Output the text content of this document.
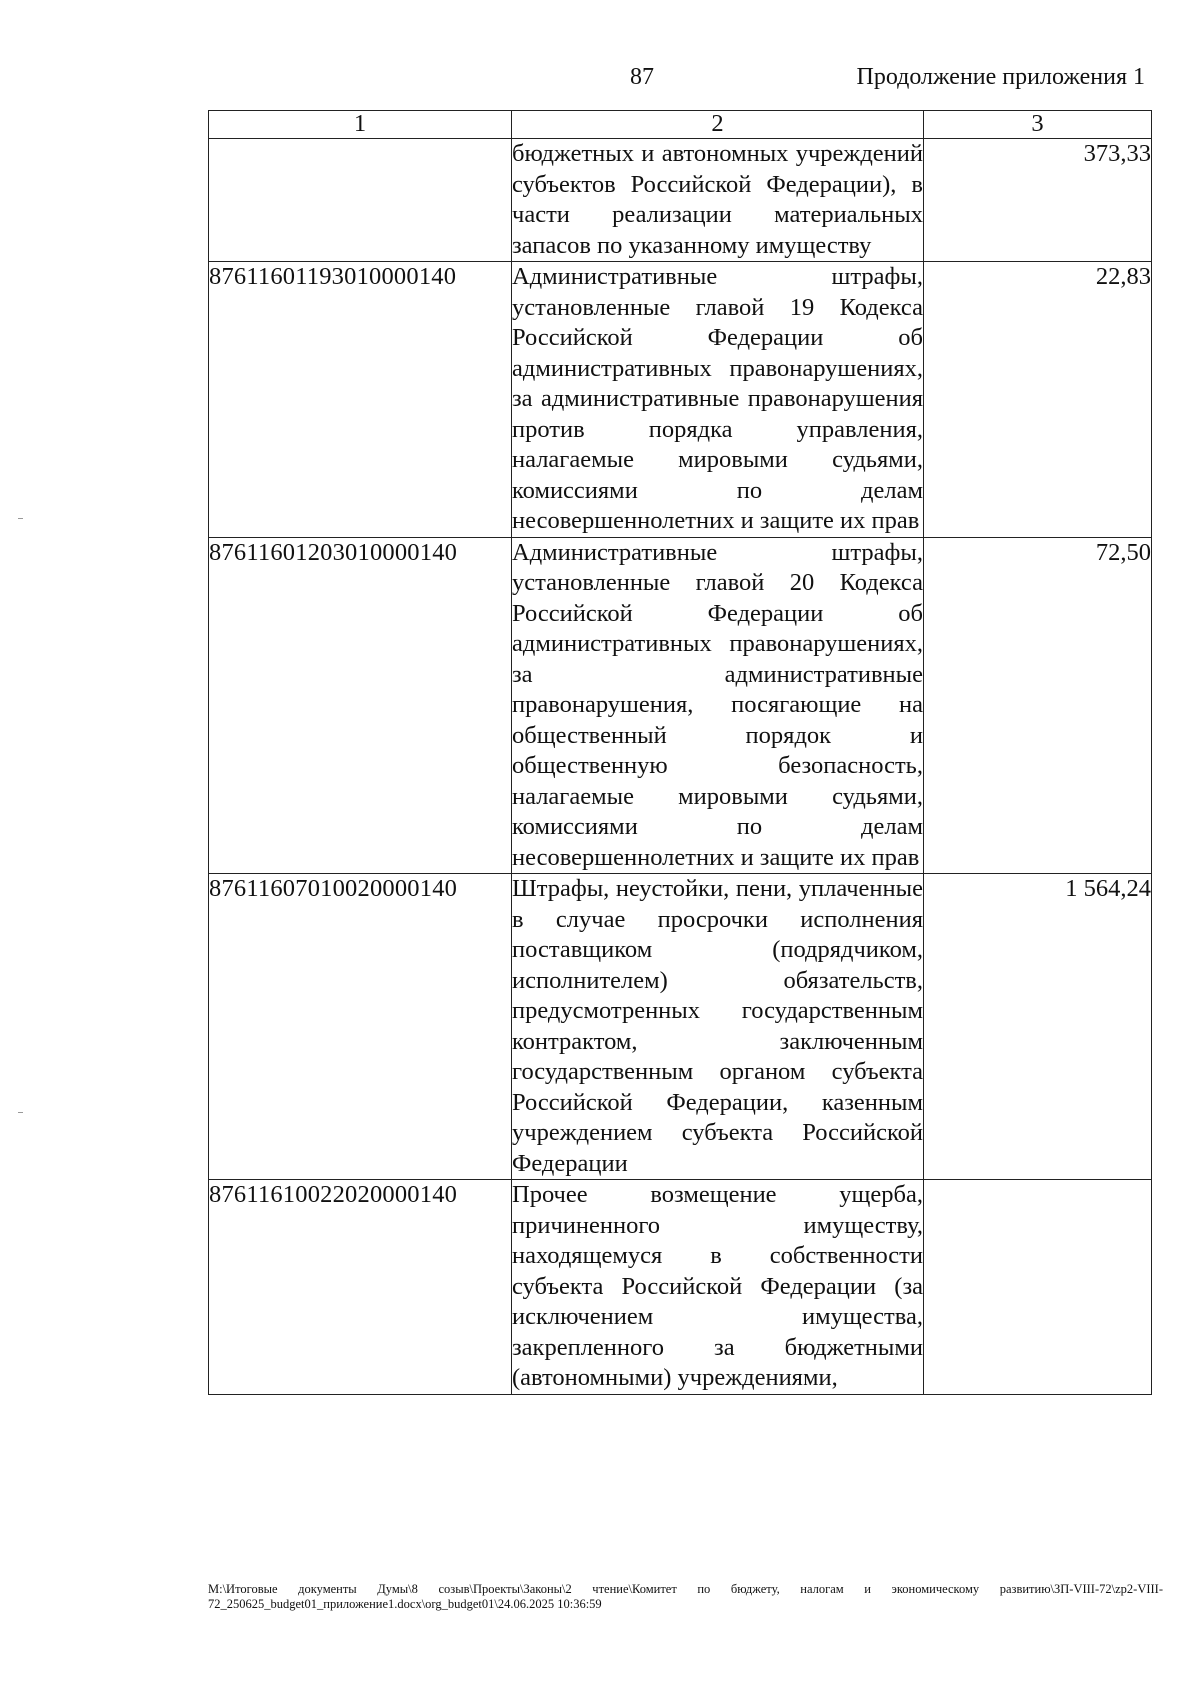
87	Продолжение приложения 1
1	2	3
	бюджетных и автономных учреждений субъектов Российской Федерации), в части реализации материальных запасов по указанному имуществу	373,33
87611601193010000140	Административные штрафы, установленные главой 19 Кодекса Российской Федерации об административных правонарушениях, за административные правонарушения против порядка управления, налагаемые мировыми судьями, комиссиями по делам несовершеннолетних и защите их прав	22,83
87611601203010000140	Административные штрафы, установленные главой 20 Кодекса Российской Федерации об административных правонарушениях, за административные правонарушения, посягающие на общественный порядок и общественную безопасность, налагаемые мировыми судьями, комиссиями по делам несовершеннолетних и защите их прав	72,50
87611607010020000140	Штрафы, неустойки, пени, уплаченные в случае просрочки исполнения поставщиком (подрядчиком, исполнителем) обязательств, предусмотренных государственным контрактом, заключенным государственным органом субъекта Российской Федерации, казенным учреждением субъекта Российской Федерации	1 564,24
87611610022020000140	Прочее возмещение ущерба, причиненного имуществу, находящемуся в собственности субъекта Российской Федерации (за исключением имущества, закрепленного за бюджетными (автономными) учреждениями,	
M:\Итоговые документы Думы\8 созыв\Проекты\Законы\2 чтение\Комитет по бюджету, налогам и экономическому развитию\ЗП-VIII-72\zp2-VIII-72_250625_budget01_приложение1.docx\org_budget01\24.06.2025 10:36:59
